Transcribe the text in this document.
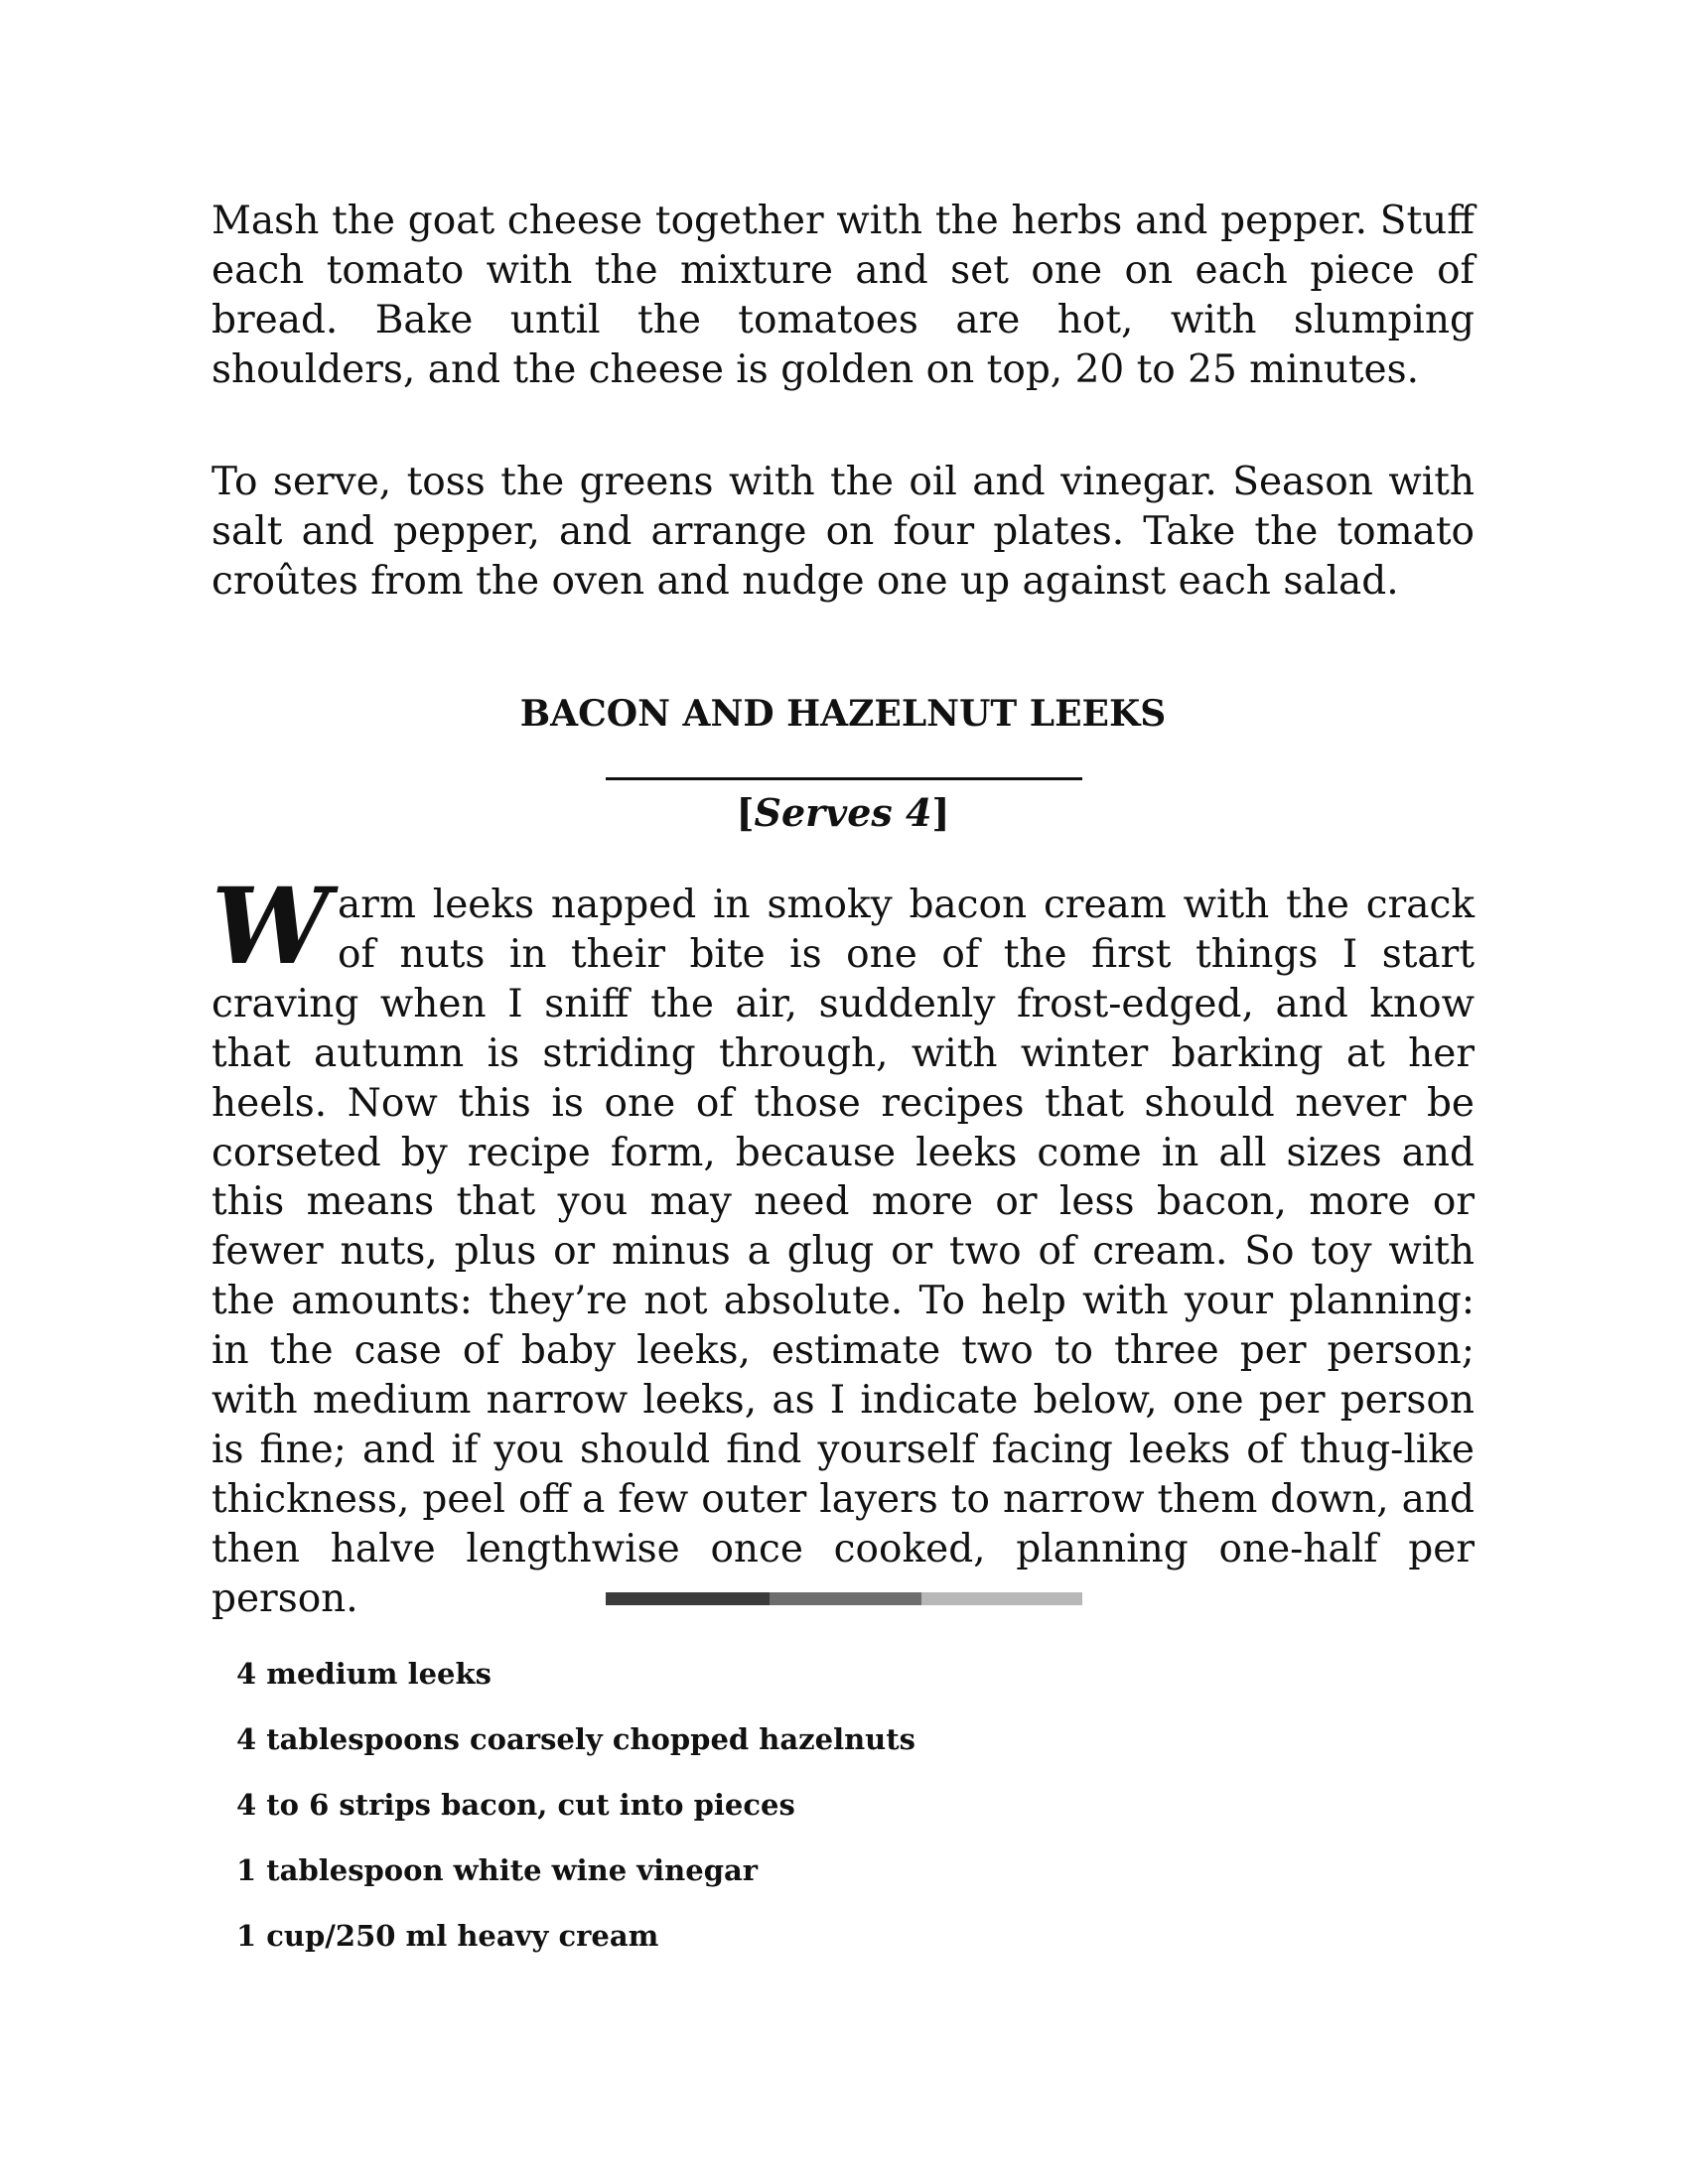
Mash the goat cheese together with the herbs and pepper. Stuff each tomato with the mixture and set one on each piece of bread. Bake until the tomatoes are hot, with slumping shoulders, and the cheese is golden on top, 20 to 25 minutes.

To serve, toss the greens with the oil and vinegar. Season with salt and pepper, and arrange on four plates. Take the tomato croûtes from the oven and nudge one up against each salad.

BACON AND HAZELNUT LEEKS
[Serves 4]

Warm leeks napped in smoky bacon cream with the crack of nuts in their bite is one of the first things I start craving when I sniff the air, suddenly frost-edged, and know that autumn is striding through, with winter barking at her heels. Now this is one of those recipes that should never be corseted by recipe form, because leeks come in all sizes and this means that you may need more or less bacon, more or fewer nuts, plus or minus a glug or two of cream. So toy with the amounts: they’re not absolute. To help with your planning: in the case of baby leeks, estimate two to three per person; with medium narrow leeks, as I indicate below, one per person is fine; and if you should find yourself facing leeks of thug-like thickness, peel off a few outer layers to narrow them down, and then halve lengthwise once cooked, planning one-half per person.

4 medium leeks
4 tablespoons coarsely chopped hazelnuts
4 to 6 strips bacon, cut into pieces
1 tablespoon white wine vinegar
1 cup/250 ml heavy cream
